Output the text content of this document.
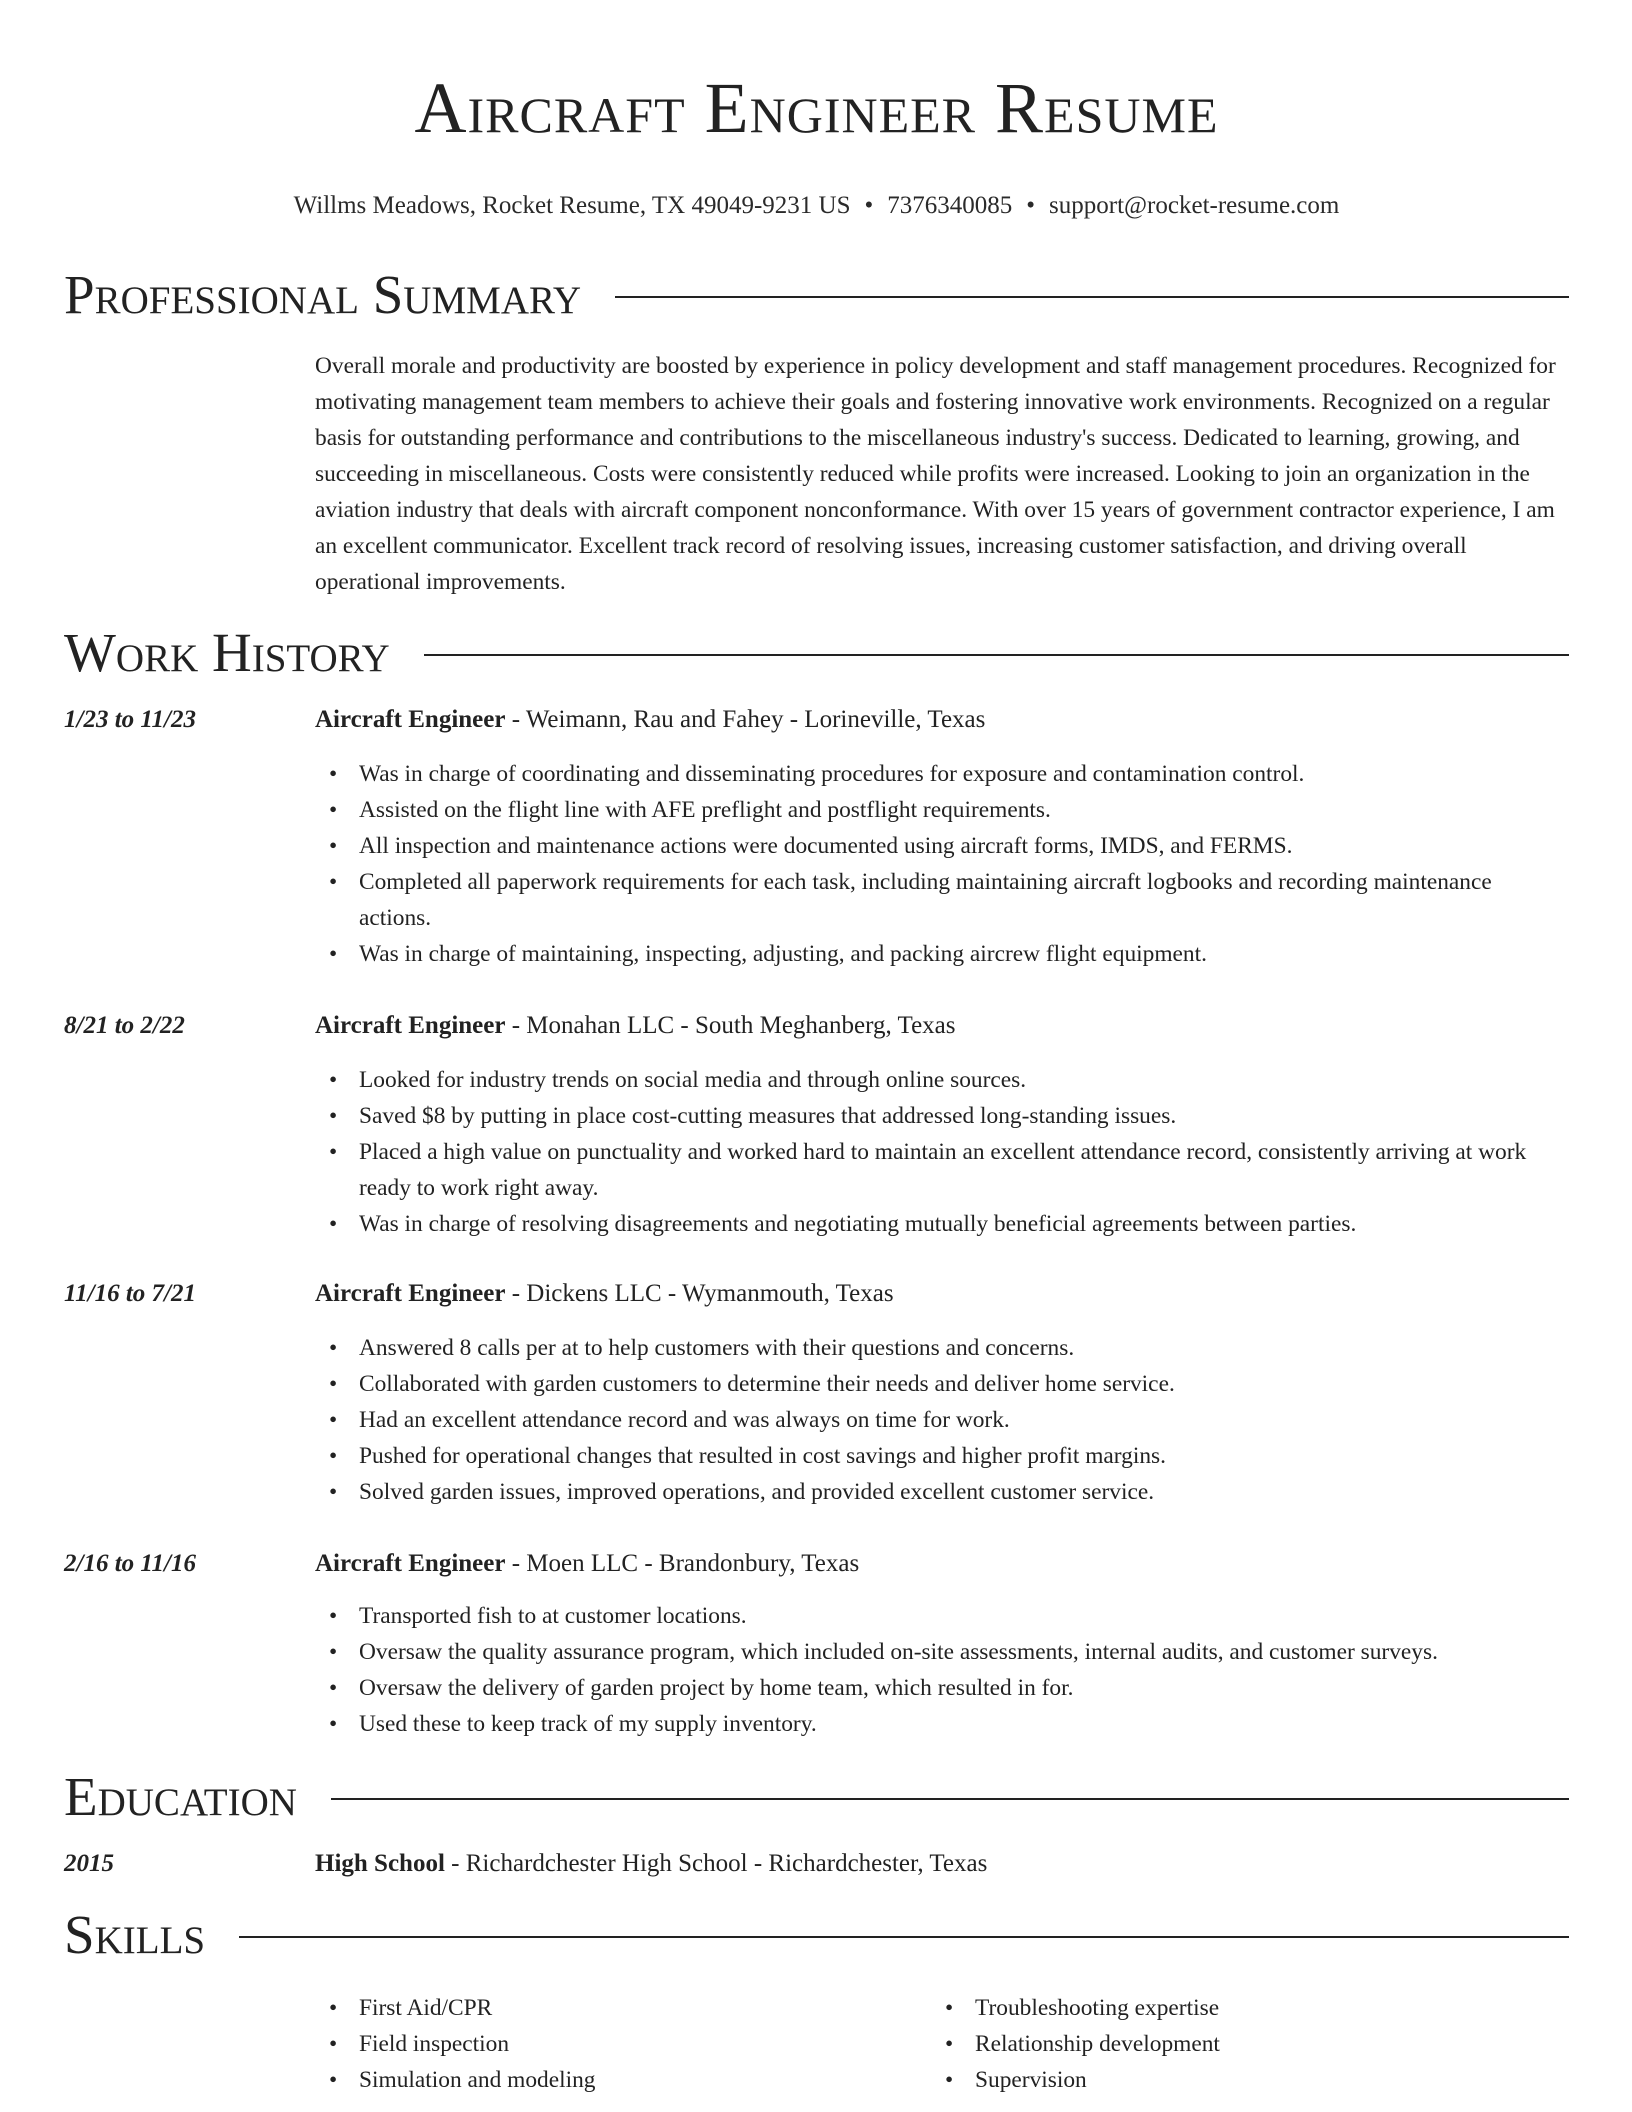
Aircraft Engineer Resume
Willms Meadows, Rocket Resume, TX 49049-9231 US • 7376340085 • support@rocket-resume.com
Professional Summary
Overall morale and productivity are boosted by experience in policy development and staff management procedures. Recognized for motivating management team members to achieve their goals and fostering innovative work environments. Recognized on a regular basis for outstanding performance and contributions to the miscellaneous industry's success. Dedicated to learning, growing, and succeeding in miscellaneous. Costs were consistently reduced while profits were increased. Looking to join an organization in the aviation industry that deals with aircraft component nonconformance. With over 15 years of government contractor experience, I am an excellent communicator. Excellent track record of resolving issues, increasing customer satisfaction, and driving overall operational improvements.
Work History
1/23 to 11/23	Aircraft Engineer - Weimann, Rau and Fahey - Lorineville, Texas
• Was in charge of coordinating and disseminating procedures for exposure and contamination control.
• Assisted on the flight line with AFE preflight and postflight requirements.
• All inspection and maintenance actions were documented using aircraft forms, IMDS, and FERMS.
• Completed all paperwork requirements for each task, including maintaining aircraft logbooks and recording maintenance actions.
• Was in charge of maintaining, inspecting, adjusting, and packing aircrew flight equipment.
8/21 to 2/22	Aircraft Engineer - Monahan LLC - South Meghanberg, Texas
• Looked for industry trends on social media and through online sources.
• Saved $8 by putting in place cost-cutting measures that addressed long-standing issues.
• Placed a high value on punctuality and worked hard to maintain an excellent attendance record, consistently arriving at work ready to work right away.
• Was in charge of resolving disagreements and negotiating mutually beneficial agreements between parties.
11/16 to 7/21	Aircraft Engineer - Dickens LLC - Wymanmouth, Texas
• Answered 8 calls per at to help customers with their questions and concerns.
• Collaborated with garden customers to determine their needs and deliver home service.
• Had an excellent attendance record and was always on time for work.
• Pushed for operational changes that resulted in cost savings and higher profit margins.
• Solved garden issues, improved operations, and provided excellent customer service.
2/16 to 11/16	Aircraft Engineer - Moen LLC - Brandonbury, Texas
• Transported fish to at customer locations.
• Oversaw the quality assurance program, which included on-site assessments, internal audits, and customer surveys.
• Oversaw the delivery of garden project by home team, which resulted in for.
• Used these to keep track of my supply inventory.
Education
2015	High School - Richardchester High School - Richardchester, Texas
Skills
• First Aid/CPR
• Field inspection
• Simulation and modeling
• Troubleshooting expertise
• Relationship development
• Supervision
